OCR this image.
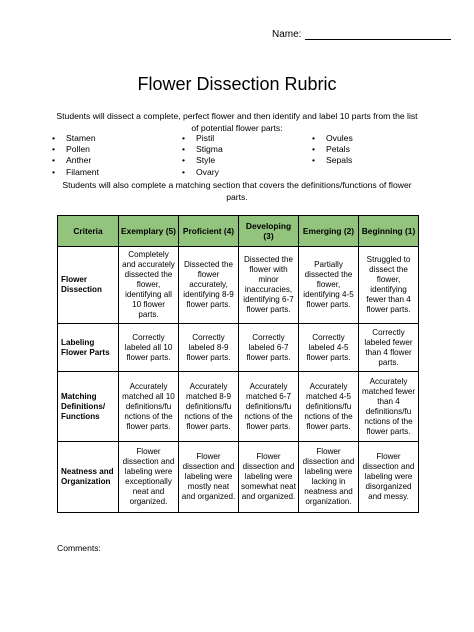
Name:
Flower Dissection Rubric
Students will dissect a complete, perfect flower and then identify and label 10 parts from the list of potential flower parts:
• Stamen
• Pollen
• Anther
• Filament
• Pistil
• Stigma
• Style
• Ovary
• Ovules
• Petals
• Sepals
Students will also complete a matching section that covers the definitions/functions of flower parts.
Criteria	Exemplary (5)	Proficient (4)	Developing (3)	Emerging (2)	Beginning (1)
Flower Dissection	Completely and accurately dissected the flower, identifying all 10 flower parts.	Dissected the flower accurately, identifying 8-9 flower parts.	Dissected the flower with minor inaccuracies, identifying 6-7 flower parts.	Partially dissected the flower, identifying 4-5 flower parts.	Struggled to dissect the flower, identifying fewer than 4 flower parts.
Labeling Flower Parts	Correctly labeled all 10 flower parts.	Correctly labeled 8-9 flower parts.	Correctly labeled 6-7 flower parts.	Correctly labeled 4-5 flower parts.	Correctly labeled fewer than 4 flower parts.
Matching Definitions/ Functions	Accurately matched all 10 definitions/fu nctions of the flower parts.	Accurately matched 8-9 definitions/fu nctions of the flower parts.	Accurately matched 6-7 definitions/fu nctions of the flower parts.	Accurately matched 4-5 definitions/fu nctions of the flower parts.	Accurately matched fewer than 4 definitions/fu nctions of the flower parts.
Neatness and Organization	Flower dissection and labeling were exceptionally neat and organized.	Flower dissection and labeling were mostly neat and organized.	Flower dissection and labeling were somewhat neat and organized.	Flower dissection and labeling were lacking in neatness and organization.	Flower dissection and labeling were disorganized and messy.
Comments:
